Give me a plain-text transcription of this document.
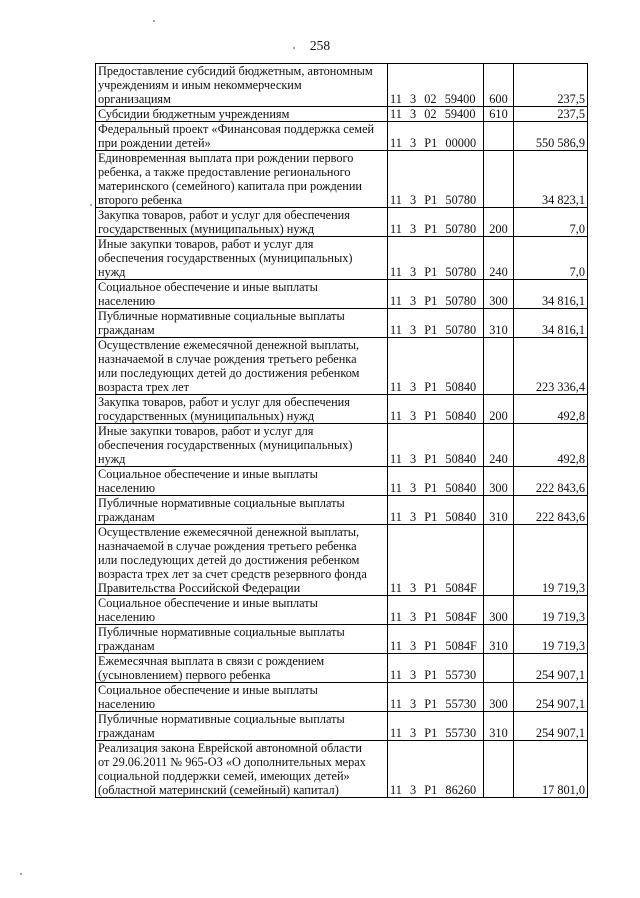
258
Предоставление субсидий бюджетным, автономным
учреждениям и иным некоммерческим
организациям	11  3  02  59400	600	237,5
Субсидии бюджетным учреждениям	11  3  02  59400	610	237,5
Федеральный проект «Финансовая поддержка семей
при рождении детей»	11  3  P1  00000		550 586,9
Единовременная выплата при рождении первого
ребенка, а также предоставление регионального
материнского (семейного) капитала при рождении
второго ребенка	11  3  P1  50780		34 823,1
Закупка товаров, работ и услуг для обеспечения
государственных (муниципальных) нужд	11  3  P1  50780	200	7,0
Иные закупки товаров, работ и услуг для
обеспечения государственных (муниципальных)
нужд	11  3  P1  50780	240	7,0
Социальное обеспечение и иные выплаты
населению	11  3  P1  50780	300	34 816,1
Публичные нормативные социальные выплаты
гражданам	11  3  P1  50780	310	34 816,1
Осуществление ежемесячной денежной выплаты,
назначаемой в случае рождения третьего ребенка
или последующих детей до достижения ребенком
возраста трех лет	11  3  P1  50840		223 336,4
Закупка товаров, работ и услуг для обеспечения
государственных (муниципальных) нужд	11  3  P1  50840	200	492,8
Иные закупки товаров, работ и услуг для
обеспечения государственных (муниципальных)
нужд	11  3  P1  50840	240	492,8
Социальное обеспечение и иные выплаты
населению	11  3  P1  50840	300	222 843,6
Публичные нормативные социальные выплаты
гражданам	11  3  P1  50840	310	222 843,6
Осуществление ежемесячной денежной выплаты,
назначаемой в случае рождения третьего ребенка
или последующих детей до достижения ребенком
возраста трех лет за счет средств резервного фонда
Правительства Российской Федерации	11  3  P1  5084F		19 719,3
Социальное обеспечение и иные выплаты
населению	11  3  P1  5084F	300	19 719,3
Публичные нормативные социальные выплаты
гражданам	11  3  P1  5084F	310	19 719,3
Ежемесячная выплата в связи с рождением
(усыновлением) первого ребенка	11  3  P1  55730		254 907,1
Социальное обеспечение и иные выплаты
населению	11  3  P1  55730	300	254 907,1
Публичные нормативные социальные выплаты
гражданам	11  3  P1  55730	310	254 907,1
Реализация закона Еврейской автономной области
от 29.06.2011 № 965-ОЗ «О дополнительных мерах
социальной поддержки семей, имеющих детей»
(областной материнский (семейный) капитал)	11  3  P1  86260		17 801,0
